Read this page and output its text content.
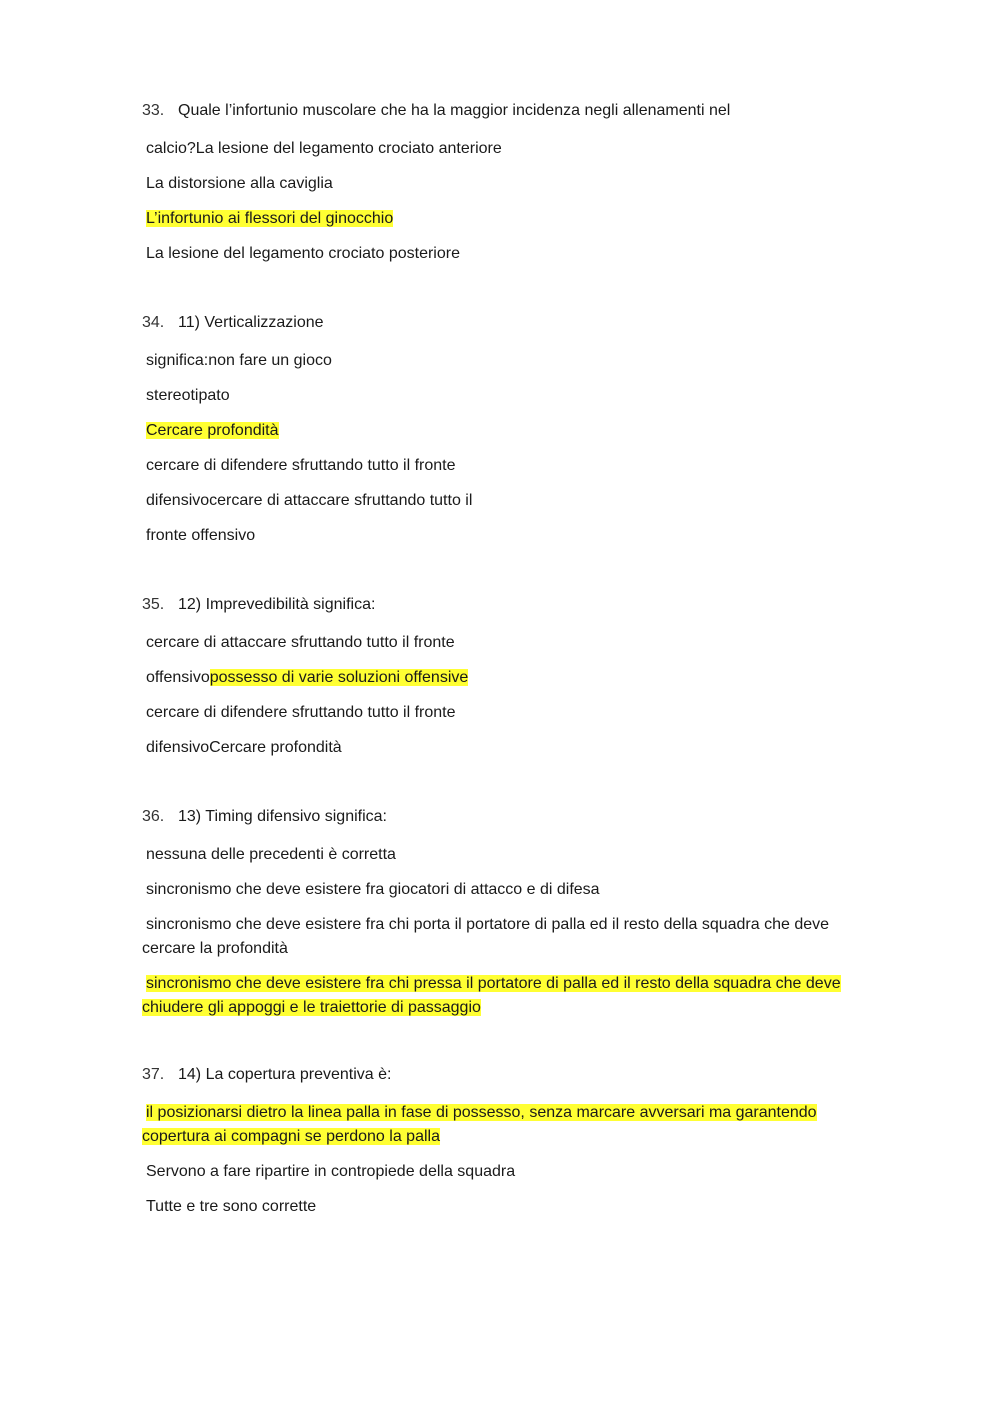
33. Quale l’infortunio muscolare che ha la maggior incidenza negli allenamenti nel
calcio?La lesione del legamento crociato anteriore
La distorsione alla caviglia
L’infortunio ai flessori del ginocchio
La lesione del legamento crociato posteriore
34. 11) Verticalizzazione
significa:non fare un gioco
stereotipato
Cercare profondità
cercare di difendere sfruttando tutto il fronte
difensivocercare di attaccare sfruttando tutto il
fronte offensivo
35. 12) Imprevedibilità significa:
cercare di attaccare sfruttando tutto il fronte
offensivopossesso di varie soluzioni offensive
cercare di difendere sfruttando tutto il fronte
difensivoCercare profondità
36. 13) Timing difensivo significa:
nessuna delle precedenti è corretta
sincronismo che deve esistere fra giocatori di attacco e di difesa
sincronismo che deve esistere fra chi porta il portatore di palla ed il resto della squadra che deve cercare la profondità
sincronismo che deve esistere fra chi pressa il portatore di palla ed il resto della squadra che deve chiudere gli appoggi e le traiettorie di passaggio
37. 14) La copertura preventiva è:
il posizionarsi dietro la linea palla in fase di possesso, senza marcare avversari ma garantendo copertura ai compagni se perdono la palla
Servono a fare ripartire in contropiede della squadra
Tutte e tre sono corrette
